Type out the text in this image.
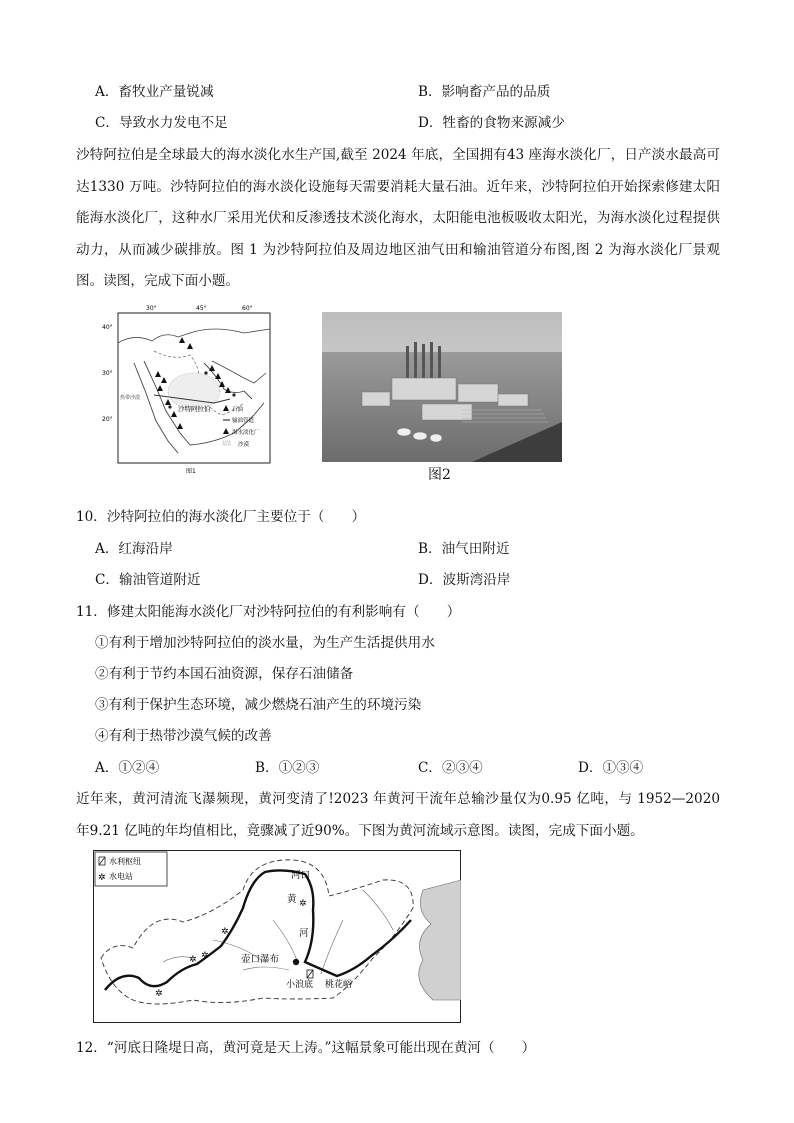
A．畜牧业产量锐减	B．影响畜产品的品质
C．导致水力发电不足	D．牲畜的食物来源减少
沙特阿拉伯是全球最大的海水淡化水生产国,截至 2024 年底，全国拥有43 座海水淡化厂，日产淡水最高可达1330 万吨。沙特阿拉伯的海水淡化设施每天需要消耗大量石油。近年来，沙特阿拉伯开始探索修建太阳能海水淡化厂，这种水厂采用光伏和反渗透技术淡化海水，太阳能电池板吸收太阳光，为海水淡化过程提供动力，从而减少碳排放。图 1 为沙特阿拉伯及周边地区油气田和输油管道分布图,图 2 为海水淡化厂景观图。读图，完成下面小题。
30°	45°	60°
40°
30°
20°
沙特阿拉伯
热带沙漠
石油
输油管道
海水淡化厂
沙漠
图1	图2
10．沙特阿拉伯的海水淡化厂主要位于（　　）
A．红海沿岸	B．油气田附近
C．输油管道附近	D．波斯湾沿岸
11．修建太阳能海水淡化厂对沙特阿拉伯的有利影响有（　　）
①有利于增加沙特阿拉伯的淡水量，为生产生活提供用水
②有利于节约本国石油资源，保存石油储备
③有利于保护生态环境，减少燃烧石油产生的环境污染
④有利于热带沙漠气候的改善
A．①②④	B．①②③	C．②③④	D．①③④
近年来，黄河清流飞瀑频现，黄河变清了!2023 年黄河干流年总输沙量仅为0.95 亿吨，与 1952—2020 年9.21 亿吨的年均值相比，竟骤减了近90%。下图为黄河流域示意图。读图，完成下面小题。
水利枢纽
✲ 水电站
✲
✲ ✲
✲
✲
河口
黄
河
壶口瀑布
小浪底 桃花峪
12．“河底日隆堤日高，黄河竟是天上涛。”这幅景象可能出现在黄河（　　）
